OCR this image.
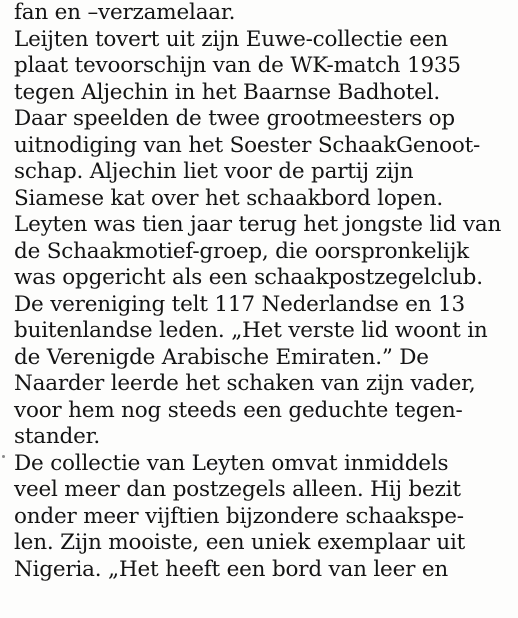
fan en –verzamelaar.
Leijten tovert uit zijn Euwe-collectie een
plaat tevoorschijn van de WK-match 1935
tegen Aljechin in het Baarnse Badhotel.
Daar speelden de twee grootmeesters op
uitnodiging van het Soester SchaakGenoot-
schap. Aljechin liet voor de partij zijn
Siamese kat over het schaakbord lopen.
Leyten was tien jaar terug het jongste lid van
de Schaakmotief-groep, die oorspronkelijk
was opgericht als een schaakpostzegelclub.
De vereniging telt 117 Nederlandse en 13
buitenlandse leden. „Het verste lid woont in
de Verenigde Arabische Emiraten.” De
Naarder leerde het schaken van zijn vader,
voor hem nog steeds een geduchte tegen-
stander.
De collectie van Leyten omvat inmiddels
veel meer dan postzegels alleen. Hij bezit
onder meer vijftien bijzondere schaakspe-
len. Zijn mooiste, een uniek exemplaar uit
Nigeria. „Het heeft een bord van leer en
